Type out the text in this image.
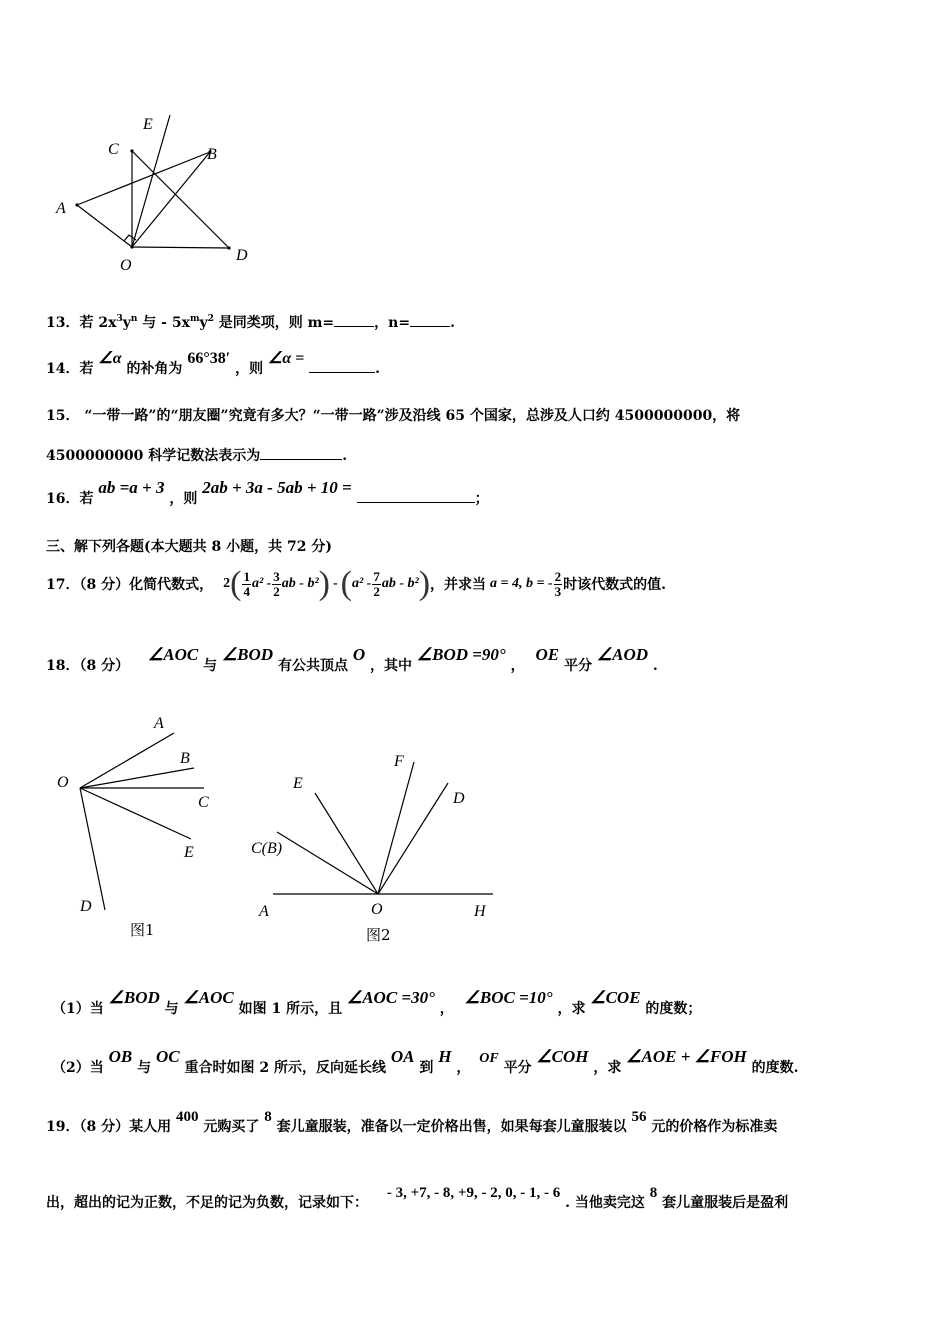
E
C	B
A
O
D
13．若 $2x^3y^n$ 与 - $5x^my^2$ 是同类项，则 m=	，n=	.
14．若 ∠α 的补角为 66°38′ ，则 ∠α = .
15． “一带一路”的“朋友圈”究竟有多大？“一带一路”涉及沿线 65 个国家，总涉及人口约 4500000000，将
4500000000 科学记数法表示为	.
16．若 ab =a + 3 ，则 2ab + 3a - 5ab + 10 = ；
三、解下列各题(本大题共 8 小题，共 72 分)
17．（8 分）化简代数式， 2 ( $\frac{1}{4} a^2 - \frac{3}{2}$ ab - b² ) - ( $a^2 - \frac{7}{2}$ ab - b² ) ，并求当 a = 4, b = - $\frac{2}{3}$ 时该代数式的值.
18．（8 分） ∠AOC 与 ∠BOD 有公共顶点 O ，其中 ∠BOD =90° ， OE 平分 ∠AOD .
A
B
C
E
O
D
图1
F
E
D
C(B)
A	O	H
图2
（1）当 ∠BOD 与 ∠AOC 如图 1 所示，且 ∠AOC =30° ， ∠BOC =10° ，求 ∠COE 的度数；
（2）当 OB 与 OC 重合时如图 2 所示，反向延长线 OA 到 H ， OF 平分 ∠COH ，求 ∠AOE + ∠FOH 的度数.
19．（8 分）某人用 400 元购买了 8 套儿童服装，准备以一定价格出售，如果每套儿童服装以 56 元的价格作为标准卖
出，超出的记为正数，不足的记为负数，记录如下： - 3, +7, - 8, +9, - 2, 0, - 1, - 6 . 当他卖完这 8 套儿童服装后是盈利
